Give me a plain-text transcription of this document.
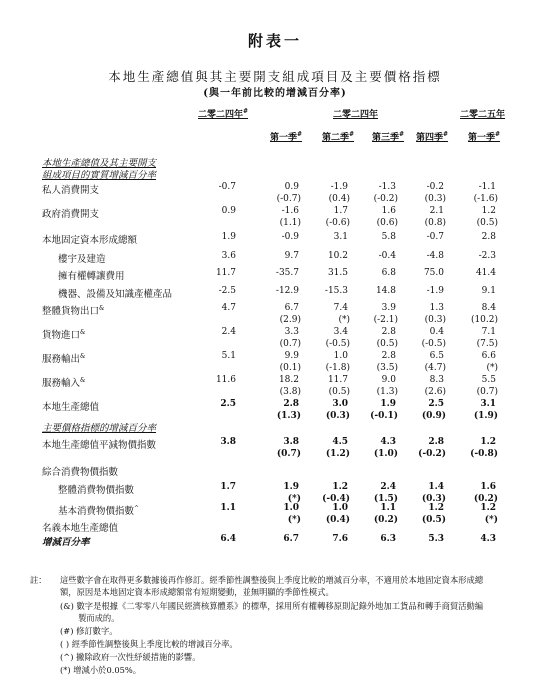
附表一
本地生產總值與其主要開支組成項目及主要價格指標
(與一年前比較的增減百分率)
二零二四年#	二零二四年	二零二五年
第一季# 第二季# 第三季# 第四季# 第一季#
本地生產總值及其主要開支
組成項目的實質增減百分率
私人消費開支	-0.7	0.9	-1.9	-1.3	-0.2	-1.1
(-0.7)	(0.4)	(-0.2)	(0.3)	(-1.6)
政府消費開支	0.9	-1.6	1.7	1.6	2.1	1.2
(1.1)	(-0.6)	(0.6)	(0.8)	(0.5)
本地固定資本形成總額	1.9	-0.9	3.1	5.8	-0.7	2.8
樓宇及建造	3.6	9.7	10.2	-0.4	-4.8	-2.3
擁有權轉讓費用	11.7	-35.7	31.5	6.8	75.0	41.4
機器、設備及知識產權產品	-2.5	-12.9	-15.3	14.8	-1.9	9.1
整體貨物出口&	4.7	6.7	7.4	3.9	1.3	8.4
(2.9)	(*)	(-2.1)	(0.3)	(10.2)
貨物進口&	2.4	3.3	3.4	2.8	0.4	7.1
(0.7)	(-0.5)	(0.5)	(-0.5)	(7.5)
服務輸出&	5.1	9.9	1.0	2.8	6.5	6.6
(0.1)	(-1.8)	(3.5)	(4.7)	(*)
服務輸入&	11.6	18.2	11.7	9.0	8.3	5.5
(3.8)	(0.5)	(1.3)	(2.6)	(0.7)
本地生產總值	2.5	2.8	3.0	1.9	2.5	3.1
(1.3)	(0.3)	(-0.1)	(0.9)	(1.9)
主要價格指標的增減百分率
本地生產總值平減物價指數	3.8	3.8	4.5	4.3	2.8	1.2
(0.7)	(1.2)	(1.0)	(-0.2)	(-0.8)
綜合消費物價指數
整體消費物價指數	1.7	1.9	1.2	2.4	1.4	1.6
(*)	(-0.4)	(1.5)	(0.3)	(0.2)
基本消費物價指數^	1.1	1.0	1.0	1.1	1.2	1.2
(*)	(0.4)	(0.2)	(0.5)	(*)
名義本地生產總值
增減百分率	6.4	6.7	7.6	6.3	5.3	4.3
註： 這些數字會在取得更多數據後再作修訂。經季節性調整後與上季度比較的增減百分率，不適用於本地固定資本形成總
額，原因是本地固定資本形成總額常有短期變動，並無明顯的季節性模式。
(&) 數字是根據《二零零八年國民經濟核算體系》的標準，採用所有權轉移原則記錄外地加工貨品和轉手商貿活動編
製而成的。
(#) 修訂數字。
( ) 經季節性調整後與上季度比較的增減百分率。
(^) 撇除政府一次性紓緩措施的影響。
(*) 增減小於0.05%。
